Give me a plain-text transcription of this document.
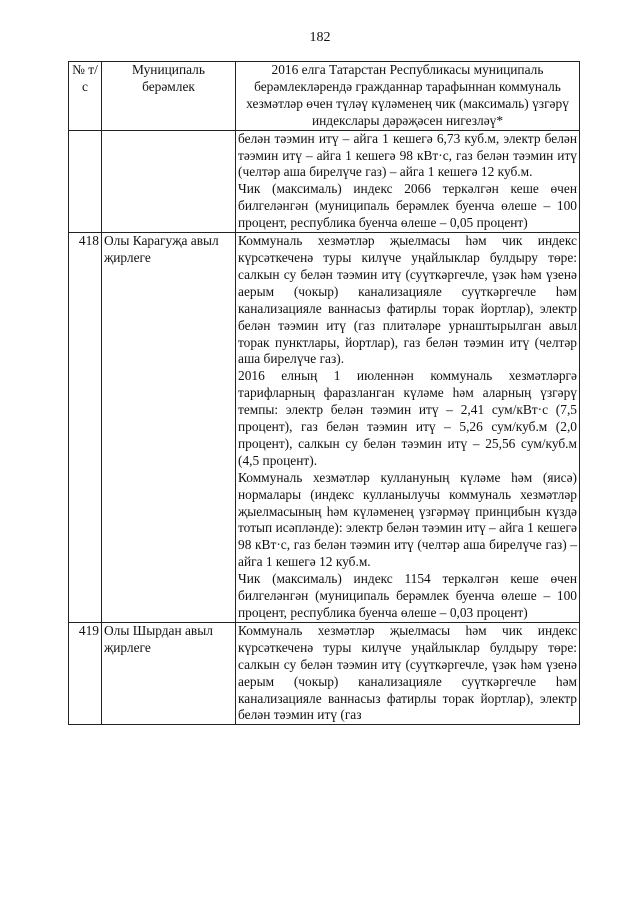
182
№ т/с	Муниципаль берәмлек	2016 елга Татарстан Республикасы муниципаль берәмлекләрендә гражданнар тарафыннан коммуналь хезмәтләр өчен түләү күләменең чик (максималь) үзгәрү индекслары дәрәҗәсен нигезләү*

		белән тәэмин итү – айга 1 кешегә 6,73 куб.м, электр белән тәэмин итү – айга 1 кешегә 98 кВт·с, газ белән тәэмин итү (челтәр аша бирелүче газ) – айга 1 кешегә 12 куб.м.

Чик (максималь) индекс 2066 теркәлгән кеше өчен билгеләнгән (муниципаль берәмлек буенча өлеше – 100 процент, республика буенча өлеше – 0,05 процент)

418	Олы Карагуҗа авыл җирлеге	Коммуналь хезмәтләр җыелмасы һәм чик индекс күрсәткеченә туры килүче уңайлыклар булдыру төре: салкын су белән тәэмин итү (суүткәргечле, үзәк һәм үзенә аерым (чокыр) канализацияле суүткәргечле һәм канализацияле ваннасыз фатирлы торак йортлар), электр белән тәэмин итү (газ плитәләре урнаштырылган авыл торак пунктлары, йортлар), газ белән тәэмин итү (челтәр аша бирелүче газ).

2016 елның 1 июленнән коммуналь хезмәтләргә тарифларның фаразланган күләме һәм аларның үзгәрү темпы: электр белән тәэмин итү – 2,41 сум/кВт·с (7,5 процент), газ белән тәэмин итү – 5,26 сум/куб.м (2,0 процент), салкын су белән тәэмин итү – 25,56 сум/куб.м (4,5 процент).

Коммуналь хезмәтләр куллануның күләме һәм (яисә) нормалары (индекс кулланылучы коммуналь хезмәтләр җыелмасының һәм күләменең үзгәрмәү принцибын күздә тотып исәпләнде): электр белән тәэмин итү – айга 1 кешегә 98 кВт·с, газ белән тәэмин итү (челтәр аша бирелүче газ) – айга 1 кешегә 12 куб.м.

Чик (максималь) индекс 1154 теркәлгән кеше өчен билгеләнгән (муниципаль берәмлек буенча өлеше – 100 процент, республика буенча өлеше – 0,03 процент)

419	Олы Шырдан авыл җирлеге	Коммуналь хезмәтләр җыелмасы һәм чик индекс күрсәткеченә туры килүче уңайлыклар булдыру төре: салкын су белән тәэмин итү (суүткәргечле, үзәк һәм үзенә аерым (чокыр) канализацияле суүткәргечле һәм канализацияле ваннасыз фатирлы торак йортлар), электр белән тәэмин итү (газ
